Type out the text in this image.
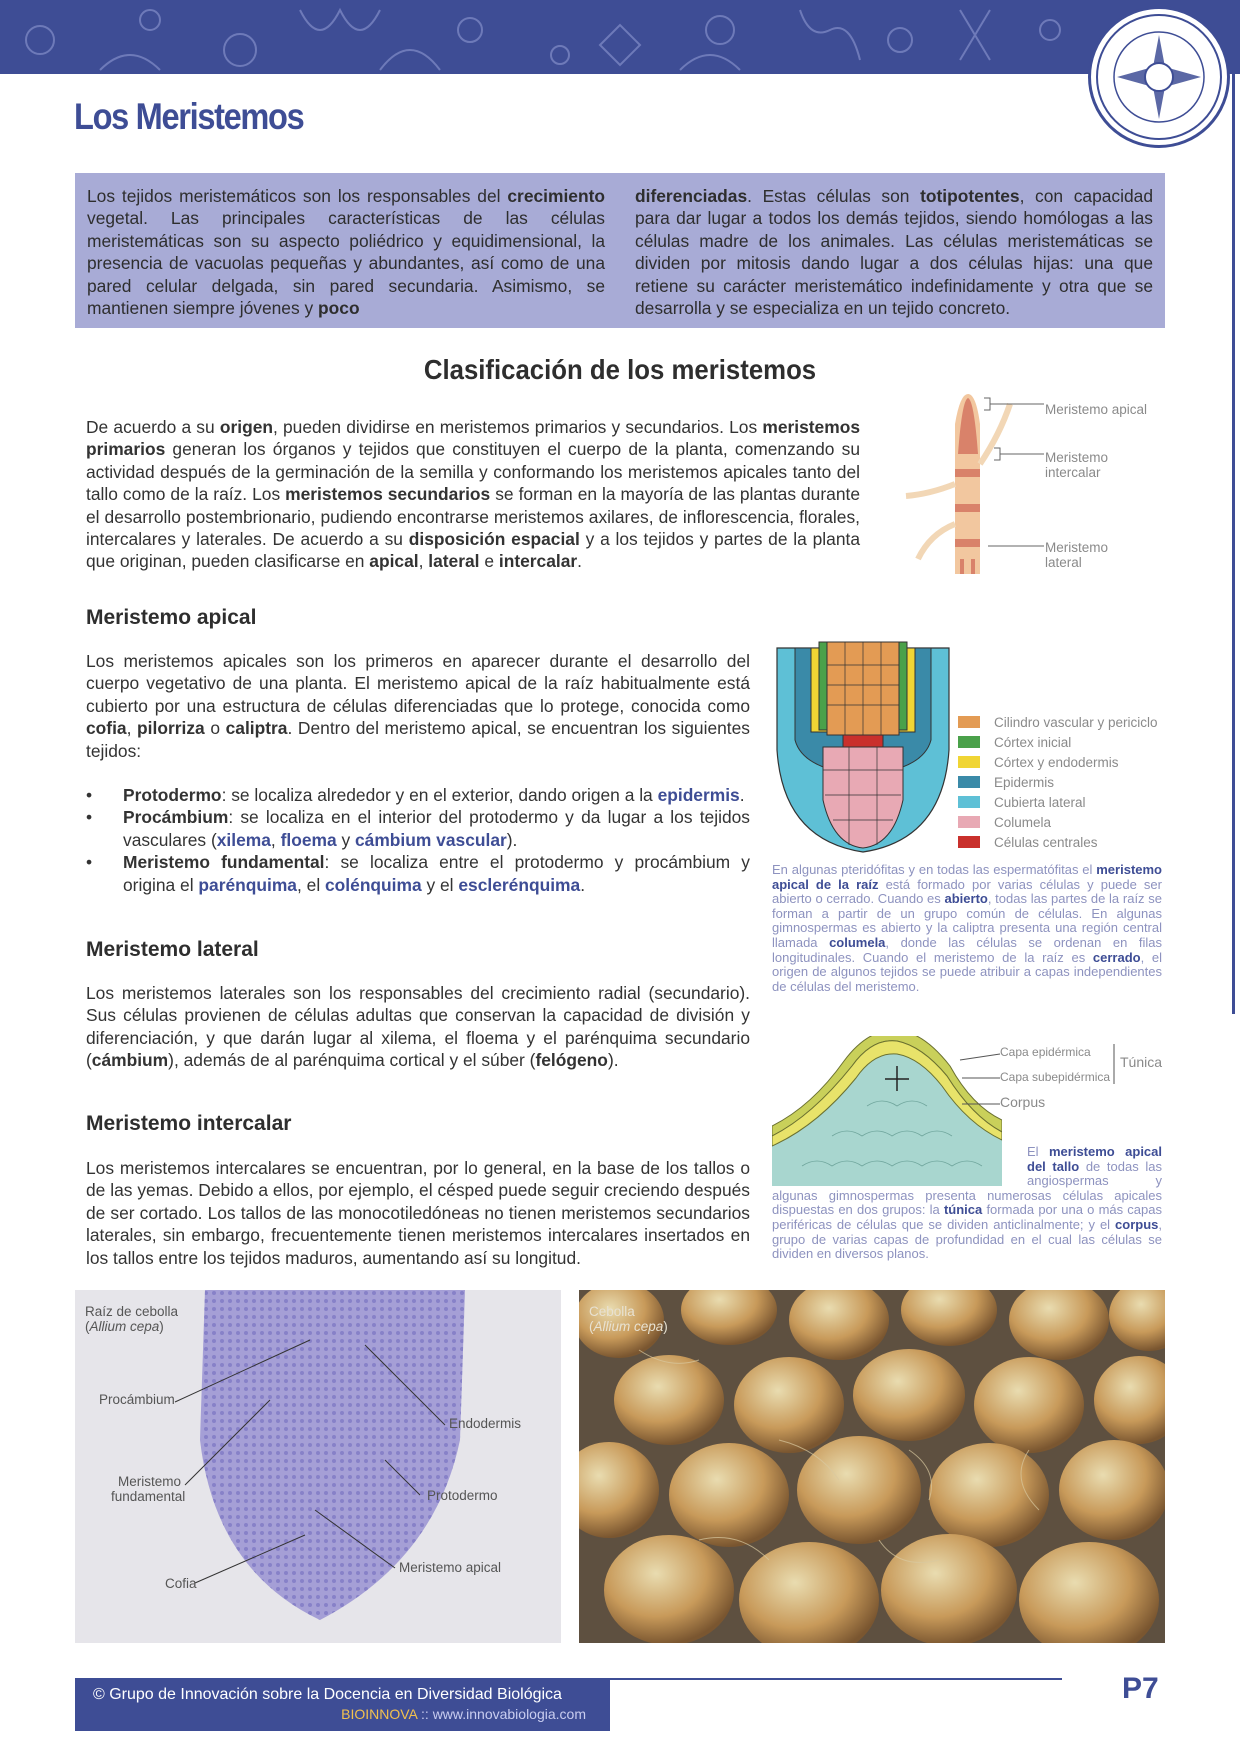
Los Meristemos

Los tejidos meristemáticos son los responsables del crecimiento vegetal. Las principales características de las células meristemáticas son su aspecto poliédrico y equidimensional, la presencia de vacuolas pequeñas y abundantes, así como de una pared celular delgada, sin pared secundaria. Asimismo, se mantienen siempre jóvenes y poco

diferenciadas. Estas células son totipotentes, con capacidad para dar lugar a todos los demás tejidos, siendo homólogas a las células madre de los animales. Las células meristemáticas se dividen por mitosis dando lugar a dos células hijas: una que retiene su carácter meristemático indefinidamente y otra que se desarrolla y se especializa en un tejido concreto.

Clasificación de los meristemos
De acuerdo a su origen, pueden dividirse en meristemos primarios y secundarios. Los meristemos primarios generan los órganos y tejidos que constituyen el cuerpo de la planta, comenzando su actividad después de la germinación de la semilla y conformando los meristemos apicales tanto del tallo como de la raíz. Los meristemos secundarios se forman en la mayoría de las plantas durante el desarrollo postembrionario, pudiendo encontrarse meristemos axilares, de inflorescencia, florales, intercalares y laterales. De acuerdo a su disposición espacial y a los tejidos y partes de la planta que originan, pueden clasificarse en apical, lateral e intercalar.
Meristemo apical
Meristemo intercalar
Meristemo lateral
Meristemo apical
Los meristemos apicales son los primeros en aparecer durante el desarrollo del cuerpo vegetativo de una planta. El meristemo apical de la raíz habitualmente está cubierto por una estructura de células diferenciadas que lo protege, conocida como cofia, pilorriza o caliptra. Dentro del meristemo apical, se encuentran los siguientes tejidos:
• Protodermo: se localiza alrededor y en el exterior, dando origen a la epidermis.
• Procámbium: se localiza en el interior del protodermo y da lugar a los tejidos vasculares (xilema, floema y cámbium vascular).
• Meristemo fundamental: se localiza entre el protodermo y procámbium y origina el parénquima, el colénquima y el esclerénquima.
Cilindro vascular y periciclo
Córtex inicial
Córtex y endodermis
Epidermis
Cubierta lateral
Columela
Células centrales
En algunas pteridófitas y en todas las espermatófitas el meristemo apical de la raíz está formado por varias células y puede ser abierto o cerrado. Cuando es abierto, todas las partes de la raíz se forman a partir de un grupo común de células. En algunas gimnospermas es abierto y la caliptra presenta una región central llamada columela, donde las células se ordenan en filas longitudinales. Cuando el meristemo de la raíz es cerrado, el origen de algunos tejidos se puede atribuir a capas independientes de células del meristemo.
Meristemo lateral
Los meristemos laterales son los responsables del crecimiento radial (secundario). Sus células provienen de células adultas que conservan la capacidad de división y diferenciación, y que darán lugar al xilema, el floema y el parénquima secundario (cámbium), además de al parénquima cortical y el súber (felógeno).
Meristemo intercalar
Los meristemos intercalares se encuentran, por lo general, en la base de los tallos o de las yemas. Debido a ellos, por ejemplo, el césped puede seguir creciendo después de ser cortado. Los tallos de las monocotiledóneas no tienen meristemos secundarios laterales, sin embargo, frecuentemente tienen meristemos intercalares insertados en los tallos entre los tejidos maduros, aumentando así su longitud.
Capa epidérmica
Capa subepidérmica
Corpus
Túnica
El meristemo apical del tallo de todas las angiospermas y algunas gimnospermas presenta numerosas células apicales dispuestas en dos grupos: la túnica formada por una o más capas periféricas de células que se dividen anticlinalmente; y el corpus, grupo de varias capas de profundidad en el cual las células se dividen en diversos planos.
Raíz de cebolla
(Allium cepa)
Procámbium
Endodermis
Meristemo fundamental	Protodermo
Meristemo apical
Cofia
Cebolla
(Allium cepa)
© Grupo de Innovación sobre la Docencia en Diversidad Biológica
BIOINNOVA :: www.innovabiologia.com
P7
